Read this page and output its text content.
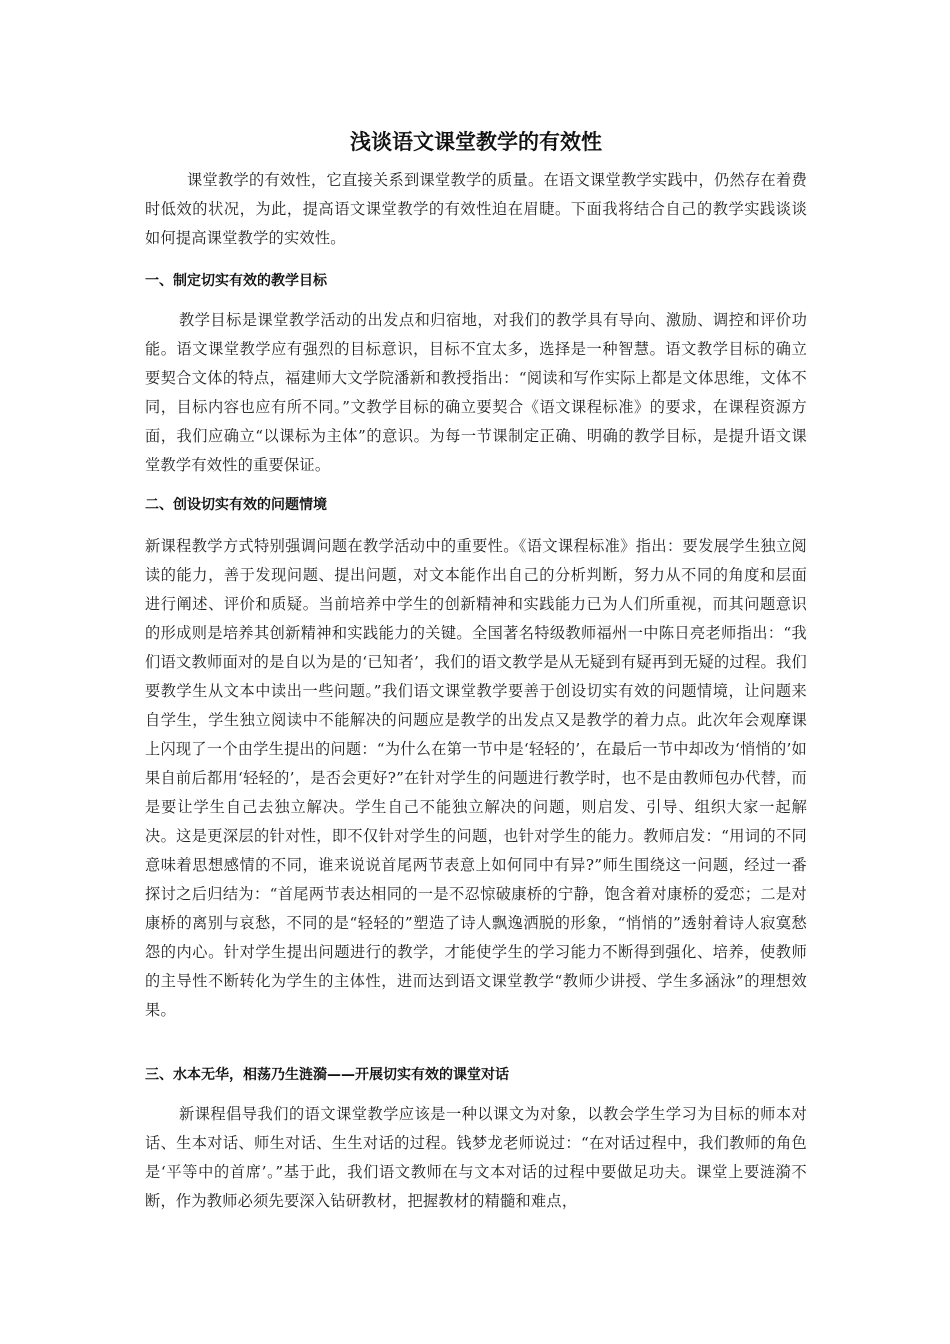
浅谈语文课堂教学的有效性

课堂教学的有效性，它直接关系到课堂教学的质量。在语文课堂教学实践中，仍然存在着费时低效的状况，为此，提高语文课堂教学的有效性迫在眉睫。下面我将结合自己的教学实践谈谈如何提高课堂教学的实效性。

一、制定切实有效的教学目标

教学目标是课堂教学活动的出发点和归宿地，对我们的教学具有导向、激励、调控和评价功能。语文课堂教学应有强烈的目标意识，目标不宜太多，选择是一种智慧。语文教学目标的确立要契合文体的特点，福建师大文学院潘新和教授指出：“阅读和写作实际上都是文体思维，文体不同，目标内容也应有所不同。”文教学目标的确立要契合《语文课程标准》的要求，在课程资源方面，我们应确立“以课标为主体”的意识。为每一节课制定正确、明确的教学目标，是提升语文课堂教学有效性的重要保证。

二、创设切实有效的问题情境

新课程教学方式特别强调问题在教学活动中的重要性。《语文课程标准》指出：要发展学生独立阅读的能力，善于发现问题、提出问题，对文本能作出自己的分析判断，努力从不同的角度和层面进行阐述、评价和质疑。当前培养中学生的创新精神和实践能力已为人们所重视，而其问题意识的形成则是培养其创新精神和实践能力的关键。全国著名特级教师福州一中陈日亮老师指出：“我们语文教师面对的是自以为是的‘已知者’，我们的语文教学是从无疑到有疑再到无疑的过程。我们要教学生从文本中读出一些问题。”我们语文课堂教学要善于创设切实有效的问题情境，让问题来自学生，学生独立阅读中不能解决的问题应是教学的出发点又是教学的着力点。此次年会观摩课上闪现了一个由学生提出的问题：“为什么在第一节中是‘轻轻的’，在最后一节中却改为‘悄悄的’如果自前后都用‘轻轻的’，是否会更好?”在针对学生的问题进行教学时，也不是由教师包办代替，而是要让学生自己去独立解决。学生自己不能独立解决的问题，则启发、引导、组织大家一起解决。这是更深层的针对性，即不仅针对学生的问题，也针对学生的能力。教师启发：“用词的不同意味着思想感情的不同，谁来说说首尾两节表意上如何同中有异?”师生围绕这一问题，经过一番探讨之后归结为：“首尾两节表达相同的一是不忍惊破康桥的宁静，饱含着对康桥的爱恋；二是对康桥的离别与哀愁，不同的是“轻轻的”塑造了诗人飘逸洒脱的形象，“悄悄的”透射着诗人寂寞愁怨的内心。针对学生提出问题进行的教学，才能使学生的学习能力不断得到强化、培养，使教师的主导性不断转化为学生的主体性，进而达到语文课堂教学“教师少讲授、学生多涵泳”的理想效果。

三、水本无华，相荡乃生涟漪——开展切实有效的课堂对话

新课程倡导我们的语文课堂教学应该是一种以课文为对象，以教会学生学习为目标的师本对话、生本对话、师生对话、生生对话的过程。钱梦龙老师说过：“在对话过程中，我们教师的角色是‘平等中的首席’。”基于此，我们语文教师在与文本对话的过程中要做足功夫。课堂上要涟漪不断，作为教师必须先要深入钻研教材，把握教材的精髓和难点，
